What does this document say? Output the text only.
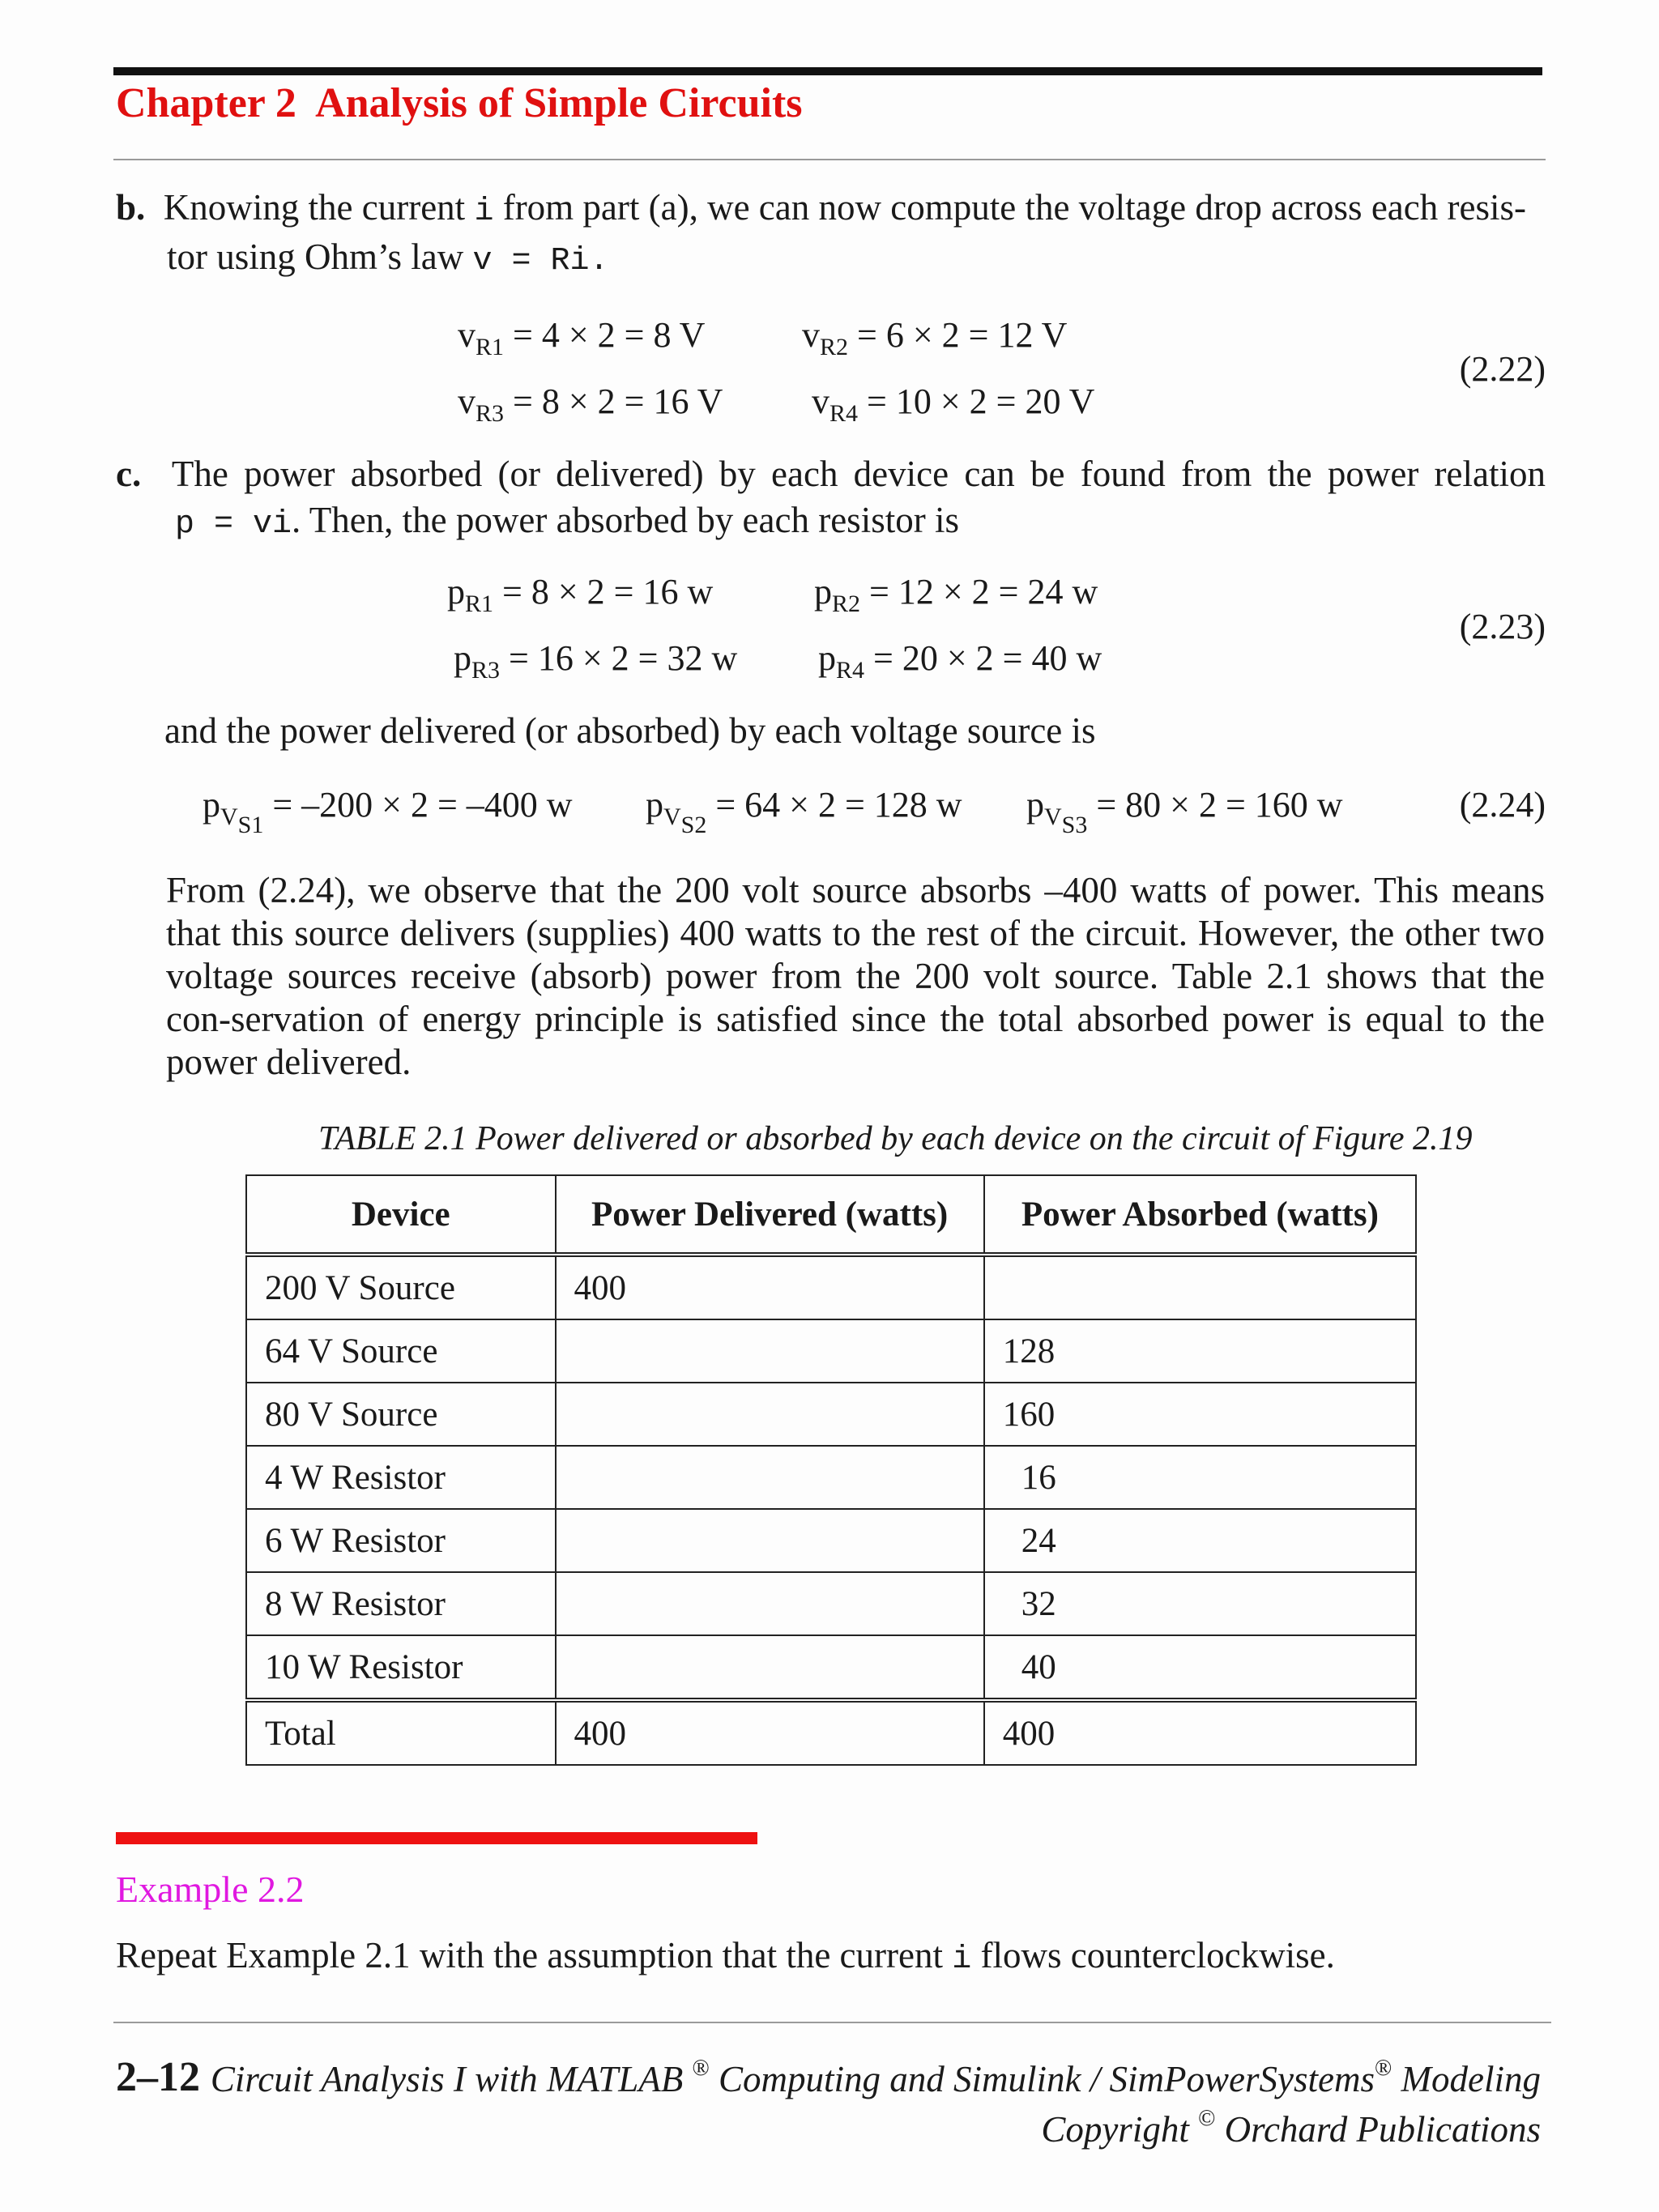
Chapter 2 Analysis of Simple Circuits
b. Knowing the current i from part (a), we can now compute the voltage drop across each resis-
tor using Ohm’s law v = Ri.
$v_{R1} = 4 \times 2 = 8$ V	$v_{R2} = 6 \times 2 = 12$ V
$v_{R3} = 8 \times 2 = 16$ V $v_{R4} = 10 \times 2 = 20$ V
(2.22)
c. The power absorbed (or delivered) by each device can be found from the power relation
p = vi. Then, the power absorbed by each resistor is
$p_{R1} = 8 \times 2 = 16$ w	$p_{R2} = 12 \times 2 = 24$ w
$p_{R3} = 16 \times 2 = 32$ w $p_{R4} = 20 \times 2 = 40$ w
(2.23)
and the power delivered (or absorbed) by each voltage source is
$p_{V_{S1}} = -200 \times 2 = -400$ w $p_{V_{S2}} = 64 \times 2 = 128$ w $p_{V_{S3}} = 80 \times 2 = 160$ w	(2.24)
From (2.24), we observe that the 200 volt source absorbs –400 watts of power. This means that this source delivers (supplies) 400 watts to the rest of the circuit. However, the other two voltage sources receive (absorb) power from the 200 volt source. Table 2.1 shows that the con-servation of energy principle is satisfied since the total absorbed power is equal to the power delivered.
TABLE 2.1 Power delivered or absorbed by each device on the circuit of Figure 2.19
Device	Power Delivered (watts)	Power Absorbed (watts)
200 V Source	400	
64 V Source		128
80 V Source		160
4 W Resistor		16
6 W Resistor		24
8 W Resistor		32
10 W Resistor		40
Total	400	400
Example 2.2
Repeat Example 2.1 with the assumption that the current i flows counterclockwise.
2–12 Circuit Analysis I with MATLAB ® Computing and Simulink / SimPowerSystems® Modeling
Copyright © Orchard Publications
